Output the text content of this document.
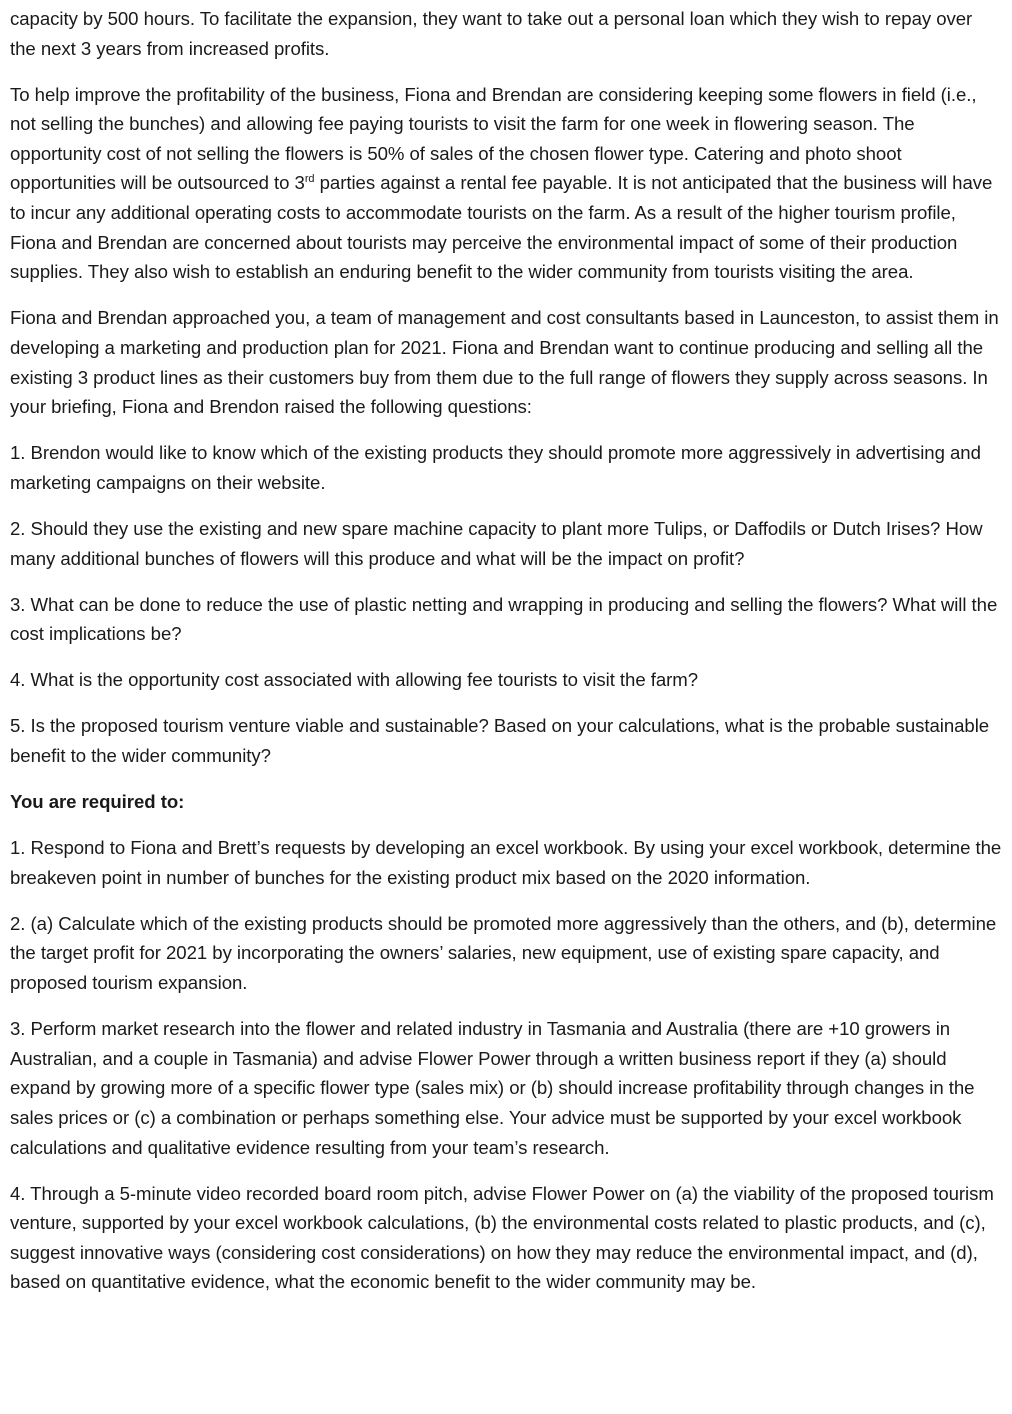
capacity by 500 hours. To facilitate the expansion, they want to take out a personal loan which they wish to repay over the next 3 years from increased profits.

To help improve the profitability of the business, Fiona and Brendan are considering keeping some flowers in field (i.e., not selling the bunches) and allowing fee paying tourists to visit the farm for one week in flowering season. The opportunity cost of not selling the flowers is 50% of sales of the chosen flower type. Catering and photo shoot opportunities will be outsourced to 3rd parties against a rental fee payable. It is not anticipated that the business will have to incur any additional operating costs to accommodate tourists on the farm. As a result of the higher tourism profile, Fiona and Brendan are concerned about tourists may perceive the environmental impact of some of their production supplies. They also wish to establish an enduring benefit to the wider community from tourists visiting the area.

Fiona and Brendan approached you, a team of management and cost consultants based in Launceston, to assist them in developing a marketing and production plan for 2021. Fiona and Brendan want to continue producing and selling all the existing 3 product lines as their customers buy from them due to the full range of flowers they supply across seasons. In your briefing, Fiona and Brendon raised the following questions:

1. Brendon would like to know which of the existing products they should promote more aggressively in advertising and marketing campaigns on their website.

2. Should they use the existing and new spare machine capacity to plant more Tulips, or Daffodils or Dutch Irises? How many additional bunches of flowers will this produce and what will be the impact on profit?

3. What can be done to reduce the use of plastic netting and wrapping in producing and selling the flowers? What will the cost implications be?

4. What is the opportunity cost associated with allowing fee tourists to visit the farm?

5. Is the proposed tourism venture viable and sustainable? Based on your calculations, what is the probable sustainable benefit to the wider community?

You are required to:

1. Respond to Fiona and Brett’s requests by developing an excel workbook. By using your excel workbook, determine the breakeven point in number of bunches for the existing product mix based on the 2020 information.

2. (a) Calculate which of the existing products should be promoted more aggressively than the others, and (b), determine the target profit for 2021 by incorporating the owners’ salaries, new equipment, use of existing spare capacity, and proposed tourism expansion.

3. Perform market research into the flower and related industry in Tasmania and Australia (there are +10 growers in Australian, and a couple in Tasmania) and advise Flower Power through a written business report if they (a) should expand by growing more of a specific flower type (sales mix) or (b) should increase profitability through changes in the sales prices or (c) a combination or perhaps something else. Your advice must be supported by your excel workbook calculations and qualitative evidence resulting from your team’s research.

4. Through a 5-minute video recorded board room pitch, advise Flower Power on (a) the viability of the proposed tourism venture, supported by your excel workbook calculations, (b) the environmental costs related to plastic products, and (c), suggest innovative ways (considering cost considerations) on how they may reduce the environmental impact, and (d), based on quantitative evidence, what the economic benefit to the wider community may be.
